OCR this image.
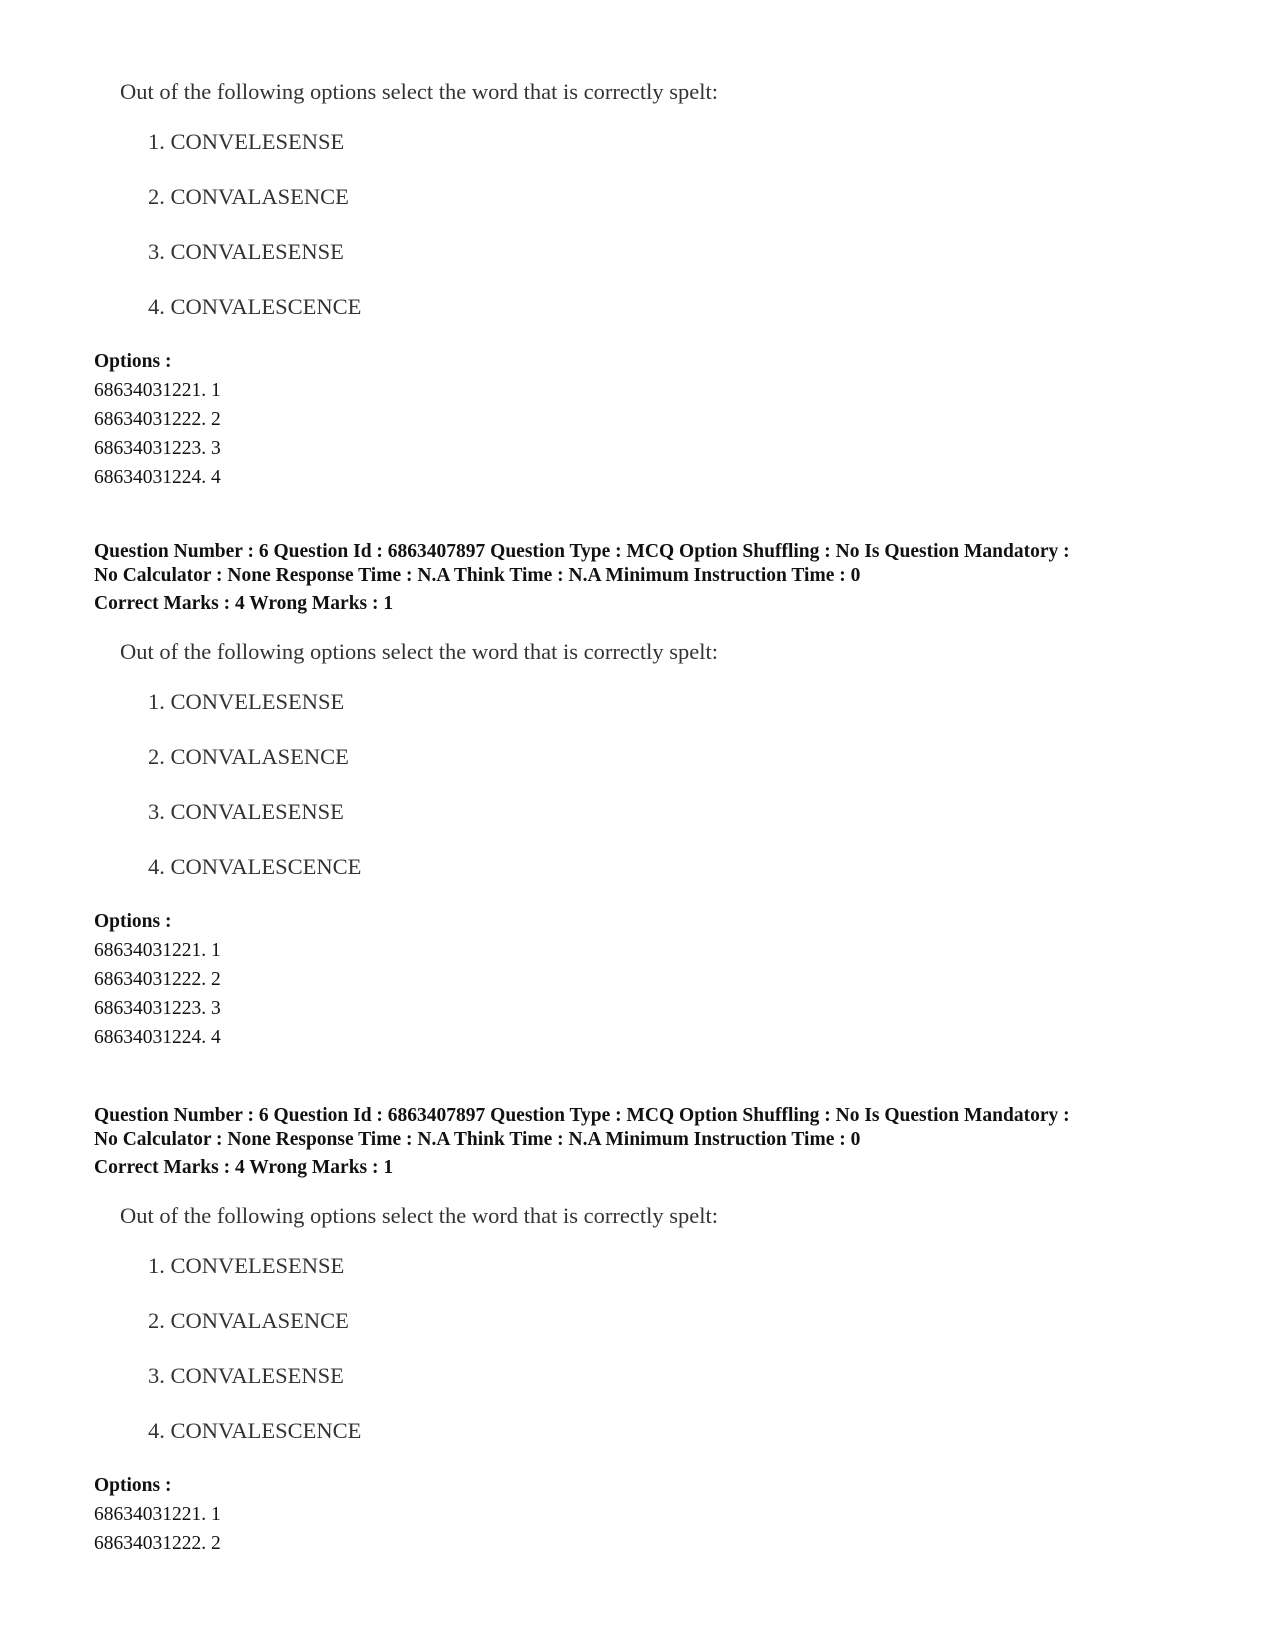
Out of the following options select the word that is correctly spelt:

1. CONVELESENSE
2. CONVALASENCE
3. CONVALESENSE
4. CONVALESCENCE

Options :

68634031221. 1
68634031222. 2
68634031223. 3
68634031224. 4

Question Number : 6 Question Id : 6863407897 Question Type : MCQ Option Shuffling : No Is Question Mandatory :

No Calculator : None Response Time : N.A Think Time : N.A Minimum Instruction Time : 0

Correct Marks : 4 Wrong Marks : 1

Out of the following options select the word that is correctly spelt:

1. CONVELESENSE
2. CONVALASENCE
3. CONVALESENSE
4. CONVALESCENCE

Options :

68634031221. 1
68634031222. 2
68634031223. 3
68634031224. 4

Question Number : 6 Question Id : 6863407897 Question Type : MCQ Option Shuffling : No Is Question Mandatory :

No Calculator : None Response Time : N.A Think Time : N.A Minimum Instruction Time : 0

Correct Marks : 4 Wrong Marks : 1

Out of the following options select the word that is correctly spelt:

1. CONVELESENSE
2. CONVALASENCE
3. CONVALESENSE
4. CONVALESCENCE

Options :

68634031221. 1
68634031222. 2
